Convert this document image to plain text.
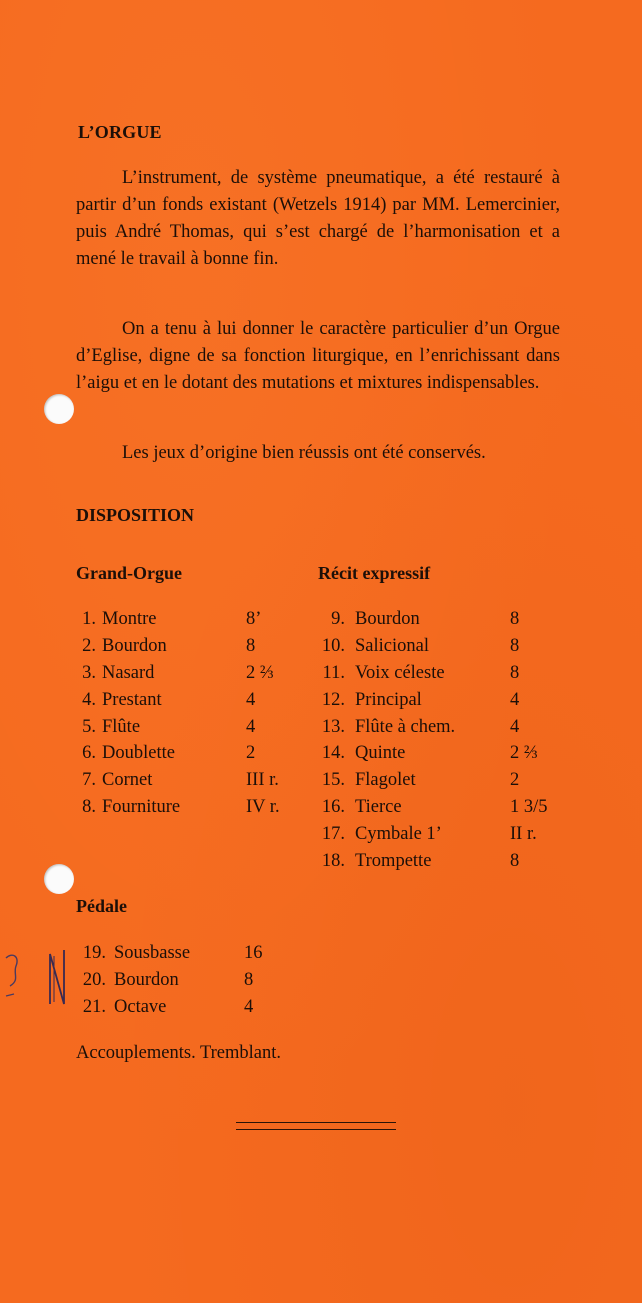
L’ORGUE

L’instrument, de système pneumatique, a été restauré à partir d’un fonds existant (Wetzels 1914) par MM. Lemercinier, puis André Thomas, qui s’est chargé de l’harmonisation et a mené le travail à bonne fin.

On a tenu à lui donner le caractère particulier d’un Orgue d’Eglise, digne de sa fonction liturgique, en l’enrichissant dans l’aigu et en le dotant des mutations et mixtures indispensables.

Les jeux d’origine bien réussis ont été conservés.

DISPOSITION
Grand-Orgue	Récit expressif
1. Montre	8’
2. Bourdon	8
3. Nasard	2 ⅔
4. Prestant	4
5. Flûte	4
6. Doublette	2
7. Cornet	III r.
8. Fourniture	IV r.
9. Bourdon	8
10. Salicional	8
11. Voix céleste	8
12. Principal	4
13. Flûte à chem.	4
14. Quinte	2 ⅔
15. Flagolet	2
16. Tierce	1 3/5
17. Cymbale 1’	II r.
18. Trompette	8
Pédale
19. Sousbasse	16
20. Bourdon	8
21. Octave	4
Accouplements. Tremblant.
